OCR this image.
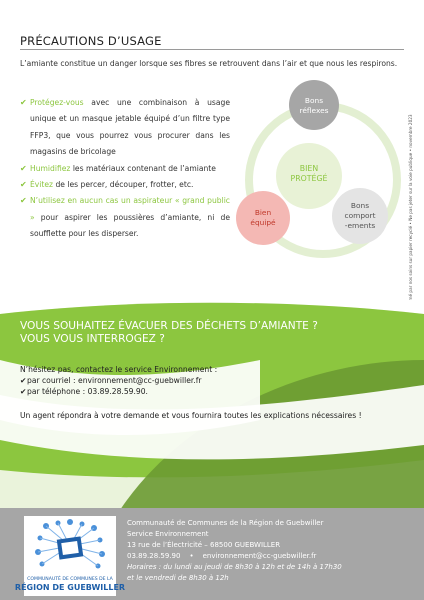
PRÉCAUTIONS D’USAGE

L’amiante constitue un danger lorsque ses fibres se retrouvent dans l’air et que nous les respirons.

✔ Protégez-vous avec une combinaison à usage unique et un masque jetable équipé d’un filtre type FFP3, que vous pourrez vous procurer dans les magasins de bricolage
✔ Humidifiez les matériaux contenant de l’amiante
✔ Évitez de les percer, découper, frotter, etc.
✔ N’utilisez en aucun cas un aspirateur « grand public » pour aspirer les poussières d’amiante, ni de soufflette pour les disperser.
Bons
réflexes
BIEN
PROTÉGÉ
Bien
équipé
Bons
comport
-ements
VOUS SOUHAITEZ ÉVACUER DES DÉCHETS D’AMIANTE ?
VOUS VOUS INTERROGEZ ?
N’hésitez pas, contactez le service Environnement :
✔par courriel : environnement@cc-guebwiller.fr
✔par téléphone : 03.89.28.59.90.
Un agent répondra à votre demande et vous fournira toutes les explications nécessaires !
COMMUNAUTÉ DE COMMUNES DE LA
RÉGION DE GUEBWILLER
Communauté de Communes de la Région de Guebwiller
Service Environnement
13 rue de l’Électricité – 68500 GUEBWILLER
03.89.28.59.90 • environnement@cc-guebwiller.fr
Horaires : du lundi au jeudi de 8h30 à 12h et de 14h à 17h30
et le vendredi de 8h30 à 12h
